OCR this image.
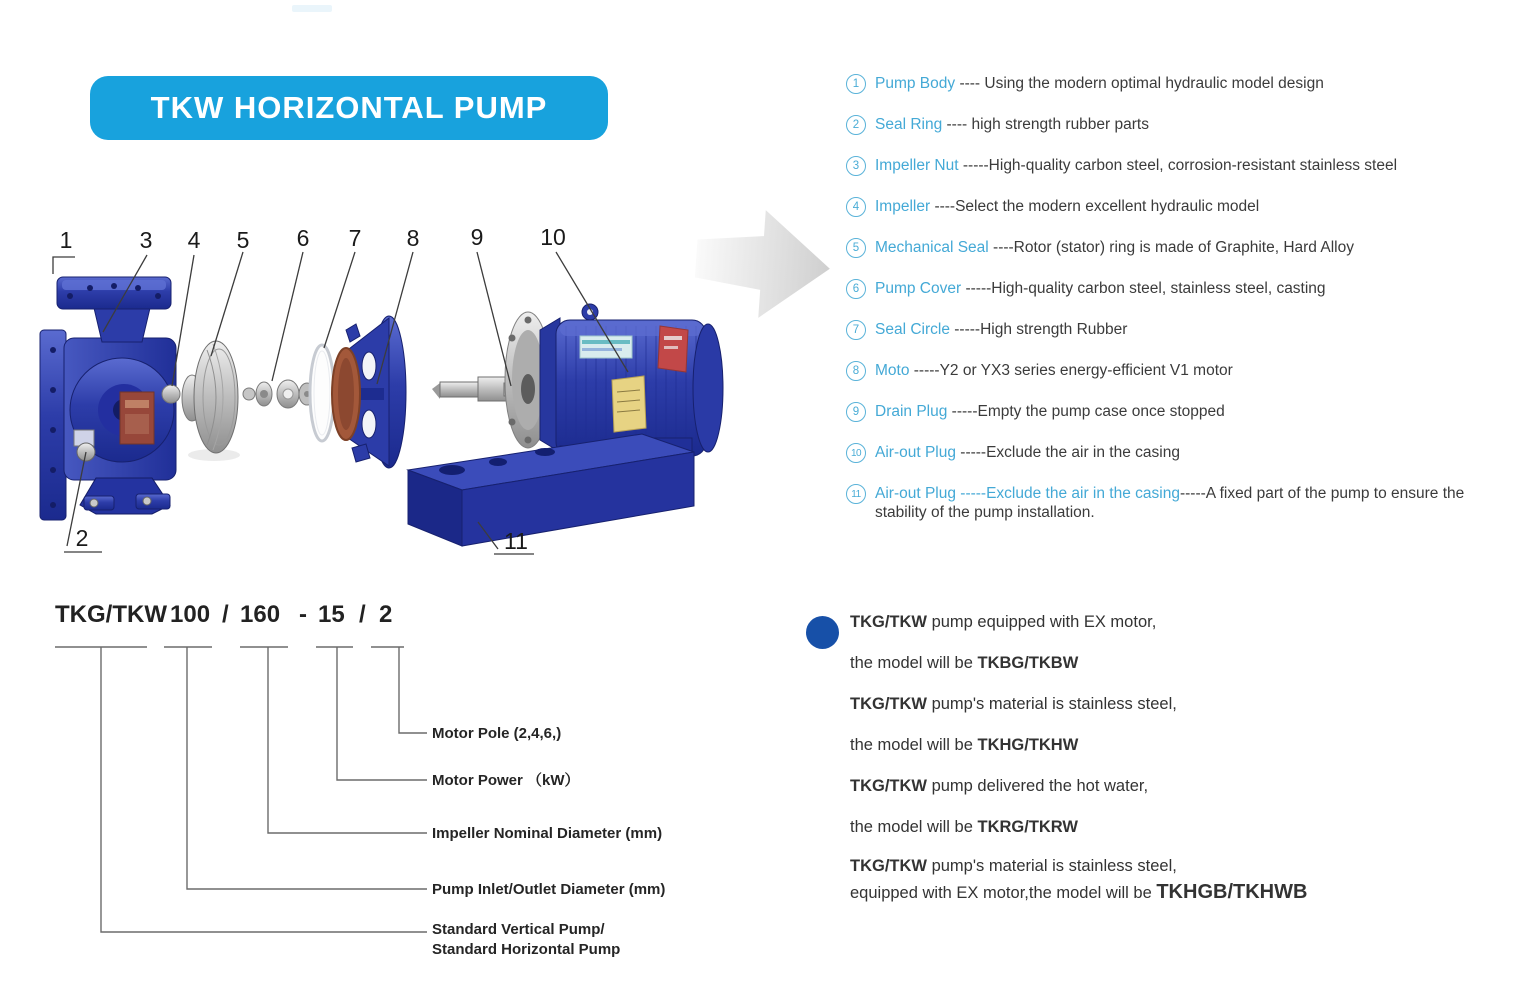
TKW HORIZONTAL PUMP
1
2
3 4 5 6 7 8 9 10
11
1	Pump Body ---- Using the modern optimal hydraulic model design
2	Seal Ring ---- high strength rubber parts
3	Impeller Nut -----High-quality carbon steel, corrosion-resistant stainless steel
4	Impeller ----Select the modern excellent hydraulic model
5	Mechanical Seal ----Rotor (stator) ring is made of Graphite, Hard Alloy
6	Pump Cover -----High-quality carbon steel, stainless steel, casting
7	Seal Circle -----High strength Rubber
8	Moto -----Y2 or YX3 series energy-efficient V1 motor
9	Drain Plug -----Empty the pump case once stopped
10 Air-out Plug -----Exclude the air in the casing
11 Air-out Plug -----Exclude the air in the casing-----A fixed part of the pump to ensure the stability of the pump installation.
TKG/TKW 100 / 160 - 15 / 2
Motor Pole (2,4,6,)
Motor Power （kW）
Impeller Nominal Diameter (mm)
Pump Inlet/Outlet Diameter (mm)
Standard Vertical Pump/
Standard Horizontal Pump
TKG/TKW pump equipped with EX motor,
the model will be TKBG/TKBW
TKG/TKW pump's material is stainless steel,
the model will be TKHG/TKHW
TKG/TKW pump delivered the hot water,
the model will be TKRG/TKRW
TKG/TKW pump's material is stainless steel,
equipped with EX motor,the model will be TKHGB/TKHWB
